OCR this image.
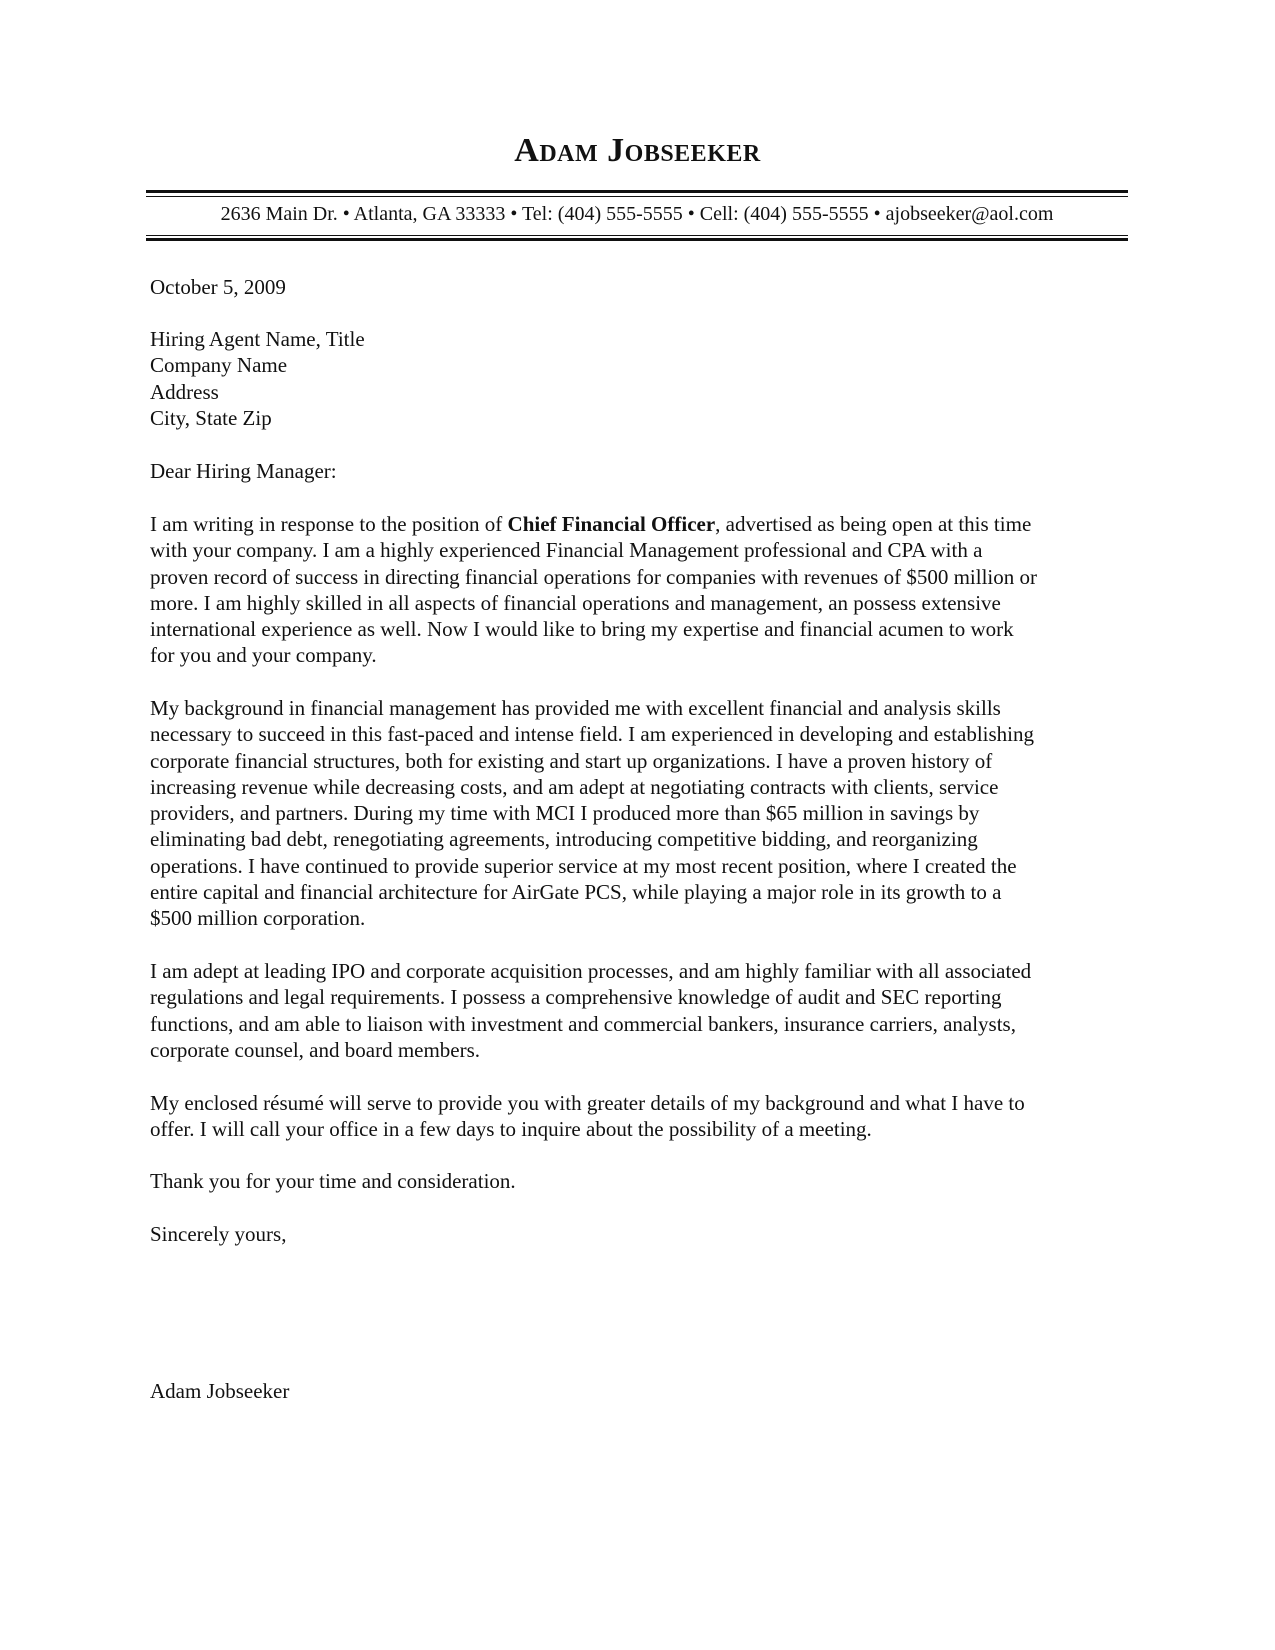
Adam Jobseeker
2636 Main Dr. • Atlanta, GA 33333 • Tel: (404) 555-5555 • Cell: (404) 555-5555 • ajobseeker@aol.com
October 5, 2009
Hiring Agent Name, Title
Company Name
Address
City, State Zip
Dear Hiring Manager:
I am writing in response to the position of Chief Financial Officer, advertised as being open at this time
with your company. I am a highly experienced Financial Management professional and CPA with a
proven record of success in directing financial operations for companies with revenues of $500 million or
more. I am highly skilled in all aspects of financial operations and management, an possess extensive
international experience as well. Now I would like to bring my expertise and financial acumen to work
for you and your company.
My background in financial management has provided me with excellent financial and analysis skills
necessary to succeed in this fast-paced and intense field. I am experienced in developing and establishing
corporate financial structures, both for existing and start up organizations. I have a proven history of
increasing revenue while decreasing costs, and am adept at negotiating contracts with clients, service
providers, and partners. During my time with MCI I produced more than $65 million in savings by
eliminating bad debt, renegotiating agreements, introducing competitive bidding, and reorganizing
operations. I have continued to provide superior service at my most recent position, where I created the
entire capital and financial architecture for AirGate PCS, while playing a major role in its growth to a
$500 million corporation.
I am adept at leading IPO and corporate acquisition processes, and am highly familiar with all associated
regulations and legal requirements. I possess a comprehensive knowledge of audit and SEC reporting
functions, and am able to liaison with investment and commercial bankers, insurance carriers, analysts,
corporate counsel, and board members.
My enclosed résumé will serve to provide you with greater details of my background and what I have to
offer. I will call your office in a few days to inquire about the possibility of a meeting.
Thank you for your time and consideration.
Sincerely yours,
Adam Jobseeker
